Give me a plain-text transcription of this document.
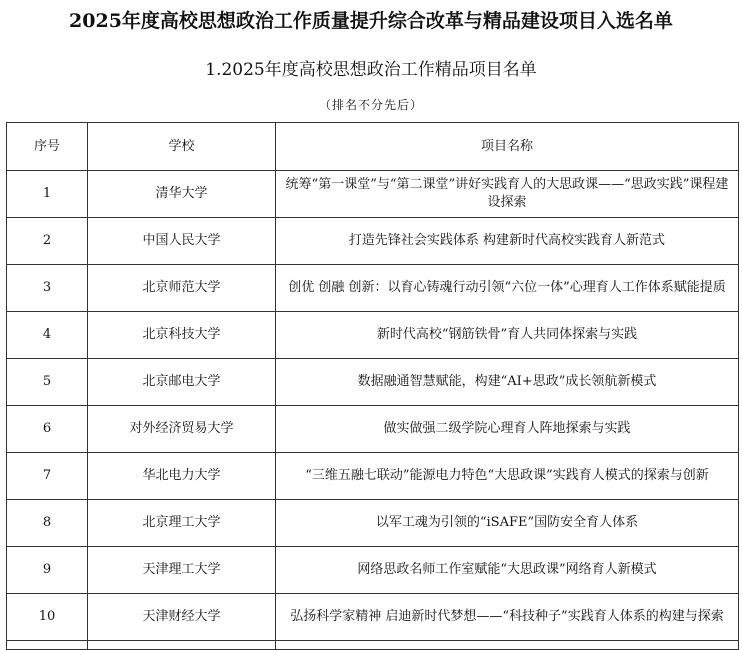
2025年度高校思想政治工作质量提升综合改革与精品建设项目入选名单
1.2025年度高校思想政治工作精品项目名单
（排名不分先后）
序号	学校	项目名称
1	清华大学	统筹“第一课堂”与“第二课堂”讲好实践育人的大思政课——“思政实践”课程建设探索
2	中国人民大学	打造先锋社会实践体系 构建新时代高校实践育人新范式
3	北京师范大学	创优 创融 创新：以育心铸魂行动引领“六位一体”心理育人工作体系赋能提质
4	北京科技大学	新时代高校“钢筋铁骨”育人共同体探索与实践
5	北京邮电大学	数据融通智慧赋能，构建“AI+思政”成长领航新模式
6	对外经济贸易大学	做实做强二级学院心理育人阵地探索与实践
7	华北电力大学	“三维五融七联动”能源电力特色“大思政课”实践育人模式的探索与创新
8	北京理工大学	以军工魂为引领的“iSAFE”国防安全育人体系
9	天津理工大学	网络思政名师工作室赋能“大思政课”网络育人新模式
10	天津财经大学	弘扬科学家精神 启迪新时代梦想——“科技种子”实践育人体系的构建与探索
